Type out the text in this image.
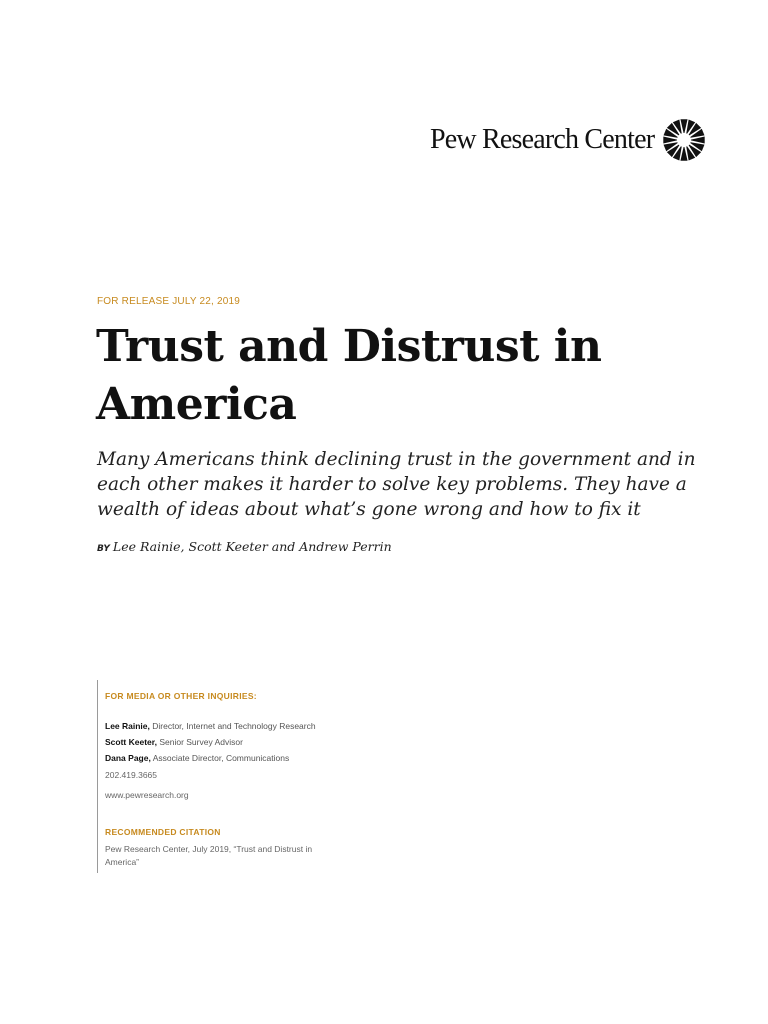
Pew Research Center
FOR RELEASE JULY 22, 2019
Trust and Distrust in
America
Many Americans think declining trust in the government and in
each other makes it harder to solve key problems. They have a
wealth of ideas about what’s gone wrong and how to fix it
BY Lee Rainie, Scott Keeter and Andrew Perrin
FOR MEDIA OR OTHER INQUIRIES:
Lee Rainie, Director, Internet and Technology Research
Scott Keeter, Senior Survey Advisor
Dana Page, Associate Director, Communications
202.419.3665
www.pewresearch.org
RECOMMENDED CITATION
Pew Research Center, July 2019, “Trust and Distrust in
America”
